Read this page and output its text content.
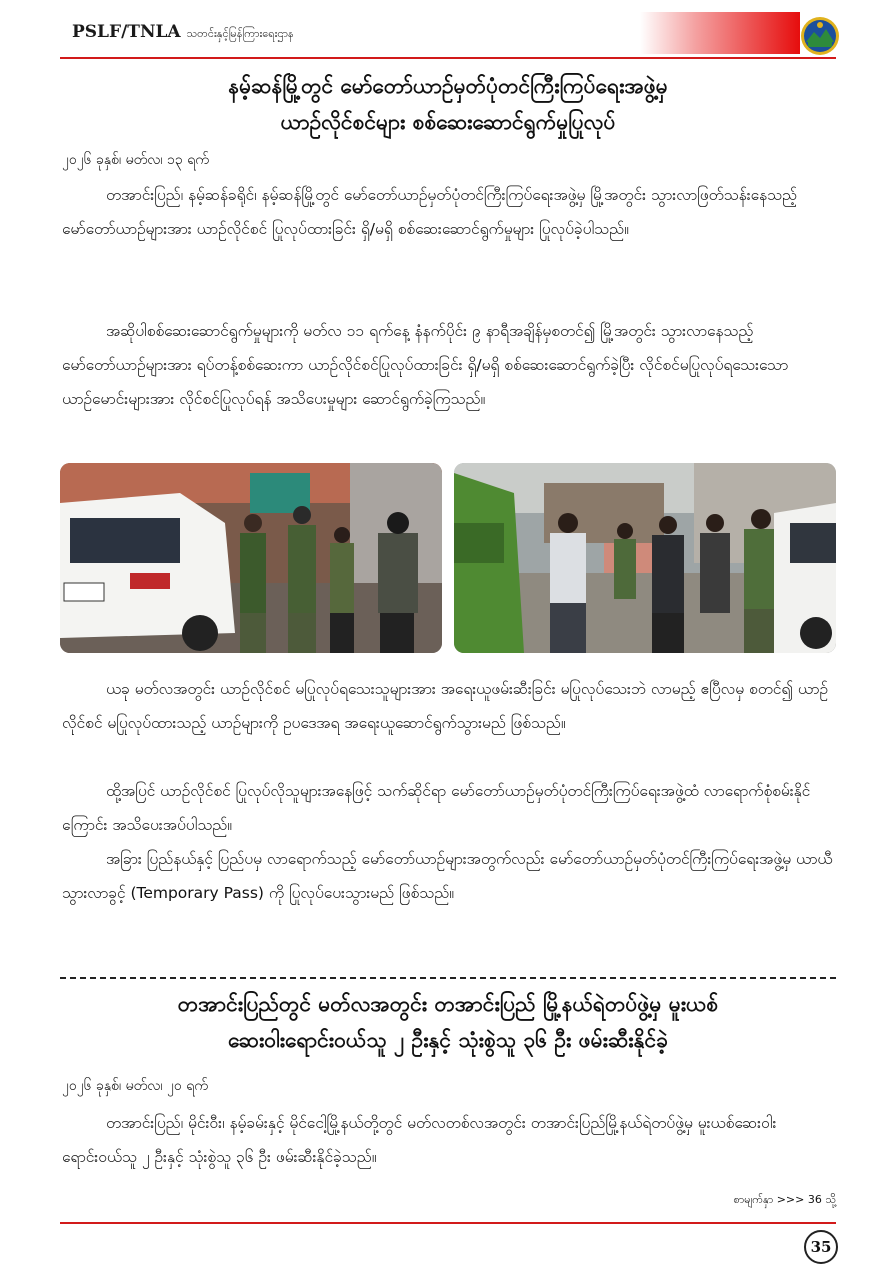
PSLF/TNLA သတင်းနှင့်မြန်ကြားရေးဌာန
နမ့်ဆန်မြို့တွင် မော်တော်ယာဉ်မှတ်ပုံတင်ကြီးကြပ်ရေးအဖွဲ့မှ
ယာဉ်လိုင်စင်များ စစ်ဆေးဆောင်ရွက်မှုပြုလုပ်
၂၀၂၆ ခုနှစ်၊ မတ်လ၊ ၁၃ ရက်

တအာင်းပြည်၊ နမ့်ဆန်ခရိုင်၊ နမ့်ဆန်မြို့တွင် မော်တော်ယာဉ်မှတ်ပုံတင်ကြီးကြပ်ရေးအဖွဲ့မှ မြို့အတွင်း သွားလာဖြတ်သန်းနေသည့် မော်တော်ယာဉ်များအား ယာဉ်လိုင်စင် ပြုလုပ်ထားခြင်း ရှိ/မရှိ စစ်ဆေးဆောင်ရွက်မှုများ ပြုလုပ်ခဲ့ပါသည်။

အဆိုပါစစ်ဆေးဆောင်ရွက်မှုများကို မတ်လ ၁၁ ရက်နေ့ နံနက်ပိုင်း ၉ နာရီအချိန်မှစတင်၍ မြို့အတွင်း သွားလာနေသည့် မော်တော်ယာဉ်များအား ရပ်တန့်စစ်ဆေးကာ ယာဉ်လိုင်စင်ပြုလုပ်ထားခြင်း ရှိ/မရှိ စစ်ဆေးဆောင်ရွက်ခဲ့ပြီး လိုင်စင်မပြုလုပ်ရသေးသော ယာဉ်မောင်းများအား လိုင်စင်ပြုလုပ်ရန် အသိပေးမှုများ ဆောင်ရွက်ခဲ့ကြသည်။

ယခု မတ်လအတွင်း ယာဉ်လိုင်စင် မပြုလုပ်ရသေးသူများအား အရေးယူဖမ်းဆီးခြင်း မပြုလုပ်သေးဘဲ လာမည့် ဧပြီလမှ စတင်၍ ယာဉ်လိုင်စင် မပြုလုပ်ထားသည့် ယာဉ်များကို ဥပဒေအရ အရေးယူဆောင်ရွက်သွားမည် ဖြစ်သည်။

ထို့အပြင် ယာဉ်လိုင်စင် ပြုလုပ်လိုသူများအနေဖြင့် သက်ဆိုင်ရာ မော်တော်ယာဉ်မှတ်ပုံတင်ကြီးကြပ်ရေးအဖွဲ့ထံ လာရောက်စုံစမ်းနိုင်ကြောင်း အသိပေးအပ်ပါသည်။

အခြား ပြည်နယ်နှင့် ပြည်ပမှ လာရောက်သည့် မော်တော်ယာဉ်များအတွက်လည်း မော်တော်ယာဉ်မှတ်ပုံတင်ကြီးကြပ်ရေးအဖွဲ့မှ ယာယီသွားလာခွင့် (Temporary Pass) ကို ပြုလုပ်ပေးသွားမည် ဖြစ်သည်။

တအာင်းပြည်တွင် မတ်လအတွင်း တအာင်းပြည် မြို့နယ်ရဲတပ်ဖွဲ့မှ မူးယစ်
ဆေးဝါးရောင်းဝယ်သူ ၂ ဦးနှင့် သုံးစွဲသူ ၃၆ ဦး ဖမ်းဆီးနိုင်ခဲ့
၂၀၂၆ ခုနှစ်၊ မတ်လ၊ ၂၀ ရက်

တအာင်းပြည်၊ မိုင်းဝီး၊ နမ့်ခမ်းနှင့် မိုင်ငေါ့မြို့နယ်တို့တွင် မတ်လတစ်လအတွင်း တအာင်းပြည်မြို့နယ်ရဲတပ်ဖွဲ့မှ မူးယစ်ဆေးဝါးရောင်းဝယ်သူ ၂ ဦးနှင့် သုံးစွဲသူ ၃၆ ဦး ဖမ်းဆီးနိုင်ခဲ့သည်။

စာမျက်နှာ >>> 36 သို့
35
